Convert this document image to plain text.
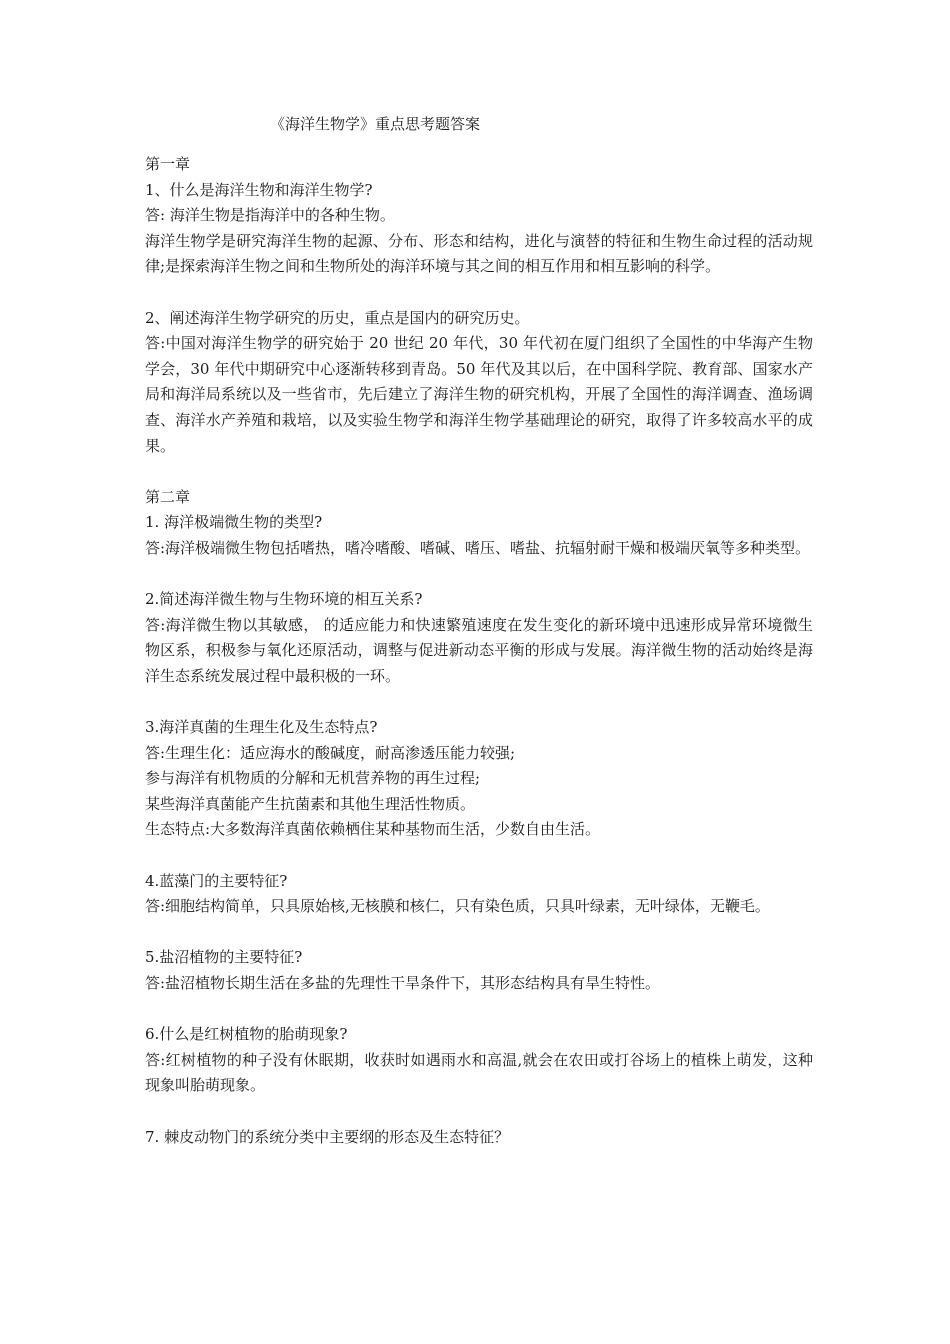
《海洋生物学》重点思考题答案
第一章
1、什么是海洋生物和海洋生物学?
答: 海洋生物是指海洋中的各种生物。
海洋生物学是研究海洋生物的起源、分布、形态和结构，进化与演替的特征和生物生命过程的活动规律;是探索海洋生物之间和生物所处的海洋环境与其之间的相互作用和相互影响的科学。
2、阐述海洋生物学研究的历史，重点是国内的研究历史。
答:中国对海洋生物学的研究始于 20 世纪 20 年代，30 年代初在厦门组织了全国性的中华海产生物学会，30 年代中期研究中心逐渐转移到青岛。50 年代及其以后，在中国科学院、教育部、国家水产局和海洋局系统以及一些省市，先后建立了海洋生物的研究机构，开展了全国性的海洋调查、渔场调查、海洋水产养殖和栽培，以及实验生物学和海洋生物学基础理论的研究，取得了许多较高水平的成果。
第二章
1. 海洋极端微生物的类型?
答:海洋极端微生物包括嗜热，嗜冷嗜酸、嗜碱、嗜压、嗜盐、抗辐射耐干燥和极端厌氧等多种类型。
2.简述海洋微生物与生物环境的相互关系?
答:海洋微生物以其敏感， 的适应能力和快速繁殖速度在发生变化的新环境中迅速形成异常环境微生物区系，积极参与氧化还原活动，调整与促进新动态平衡的形成与发展。海洋微生物的活动始终是海洋生态系统发展过程中最积极的一环。
3.海洋真菌的生理生化及生态特点?
答:生理生化：适应海水的酸碱度，耐高渗透压能力较强;
参与海洋有机物质的分解和无机营养物的再生过程;
某些海洋真菌能产生抗菌素和其他生理活性物质。
生态特点:大多数海洋真菌依赖栖住某种基物而生活，少数自由生活。
4.蓝藻门的主要特征?
答:细胞结构简单，只具原始核,无核膜和核仁，只有染色质，只具叶绿素，无叶绿体，无鞭毛。
5.盐沼植物的主要特征?
答:盐沼植物长期生活在多盐的先理性干旱条件下，其形态结构具有旱生特性。
6.什么是红树植物的胎萌现象?
答:红树植物的种子没有休眠期，收获时如遇雨水和高温,就会在农田或打谷场上的植株上萌发，这种现象叫胎萌现象。
7. 棘皮动物门的系统分类中主要纲的形态及生态特征？
